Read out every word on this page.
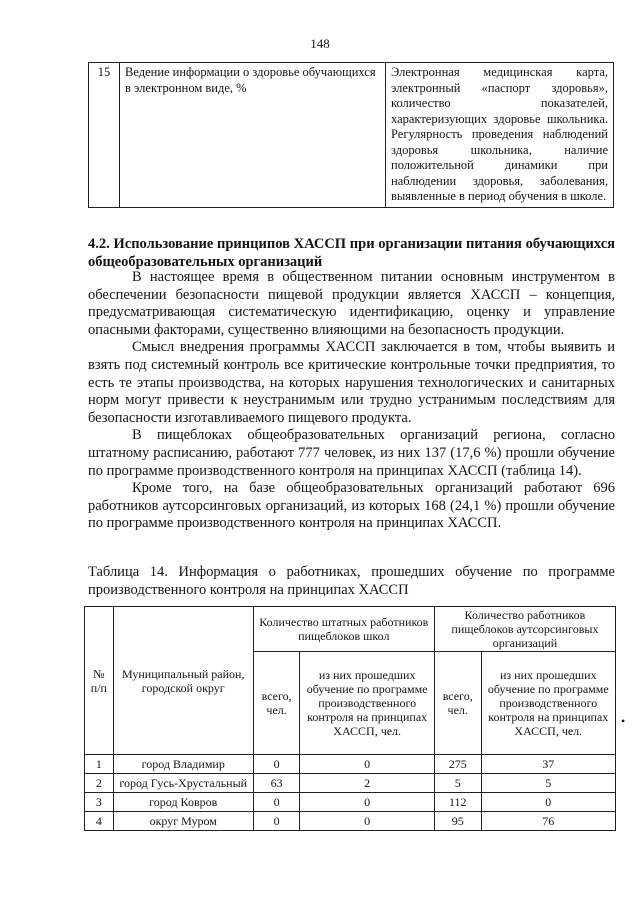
148
15	Ведение информации о здоровье обучающихся в электронном виде, %	Электронная медицинская карта, электронный «паспорт здоровья», количество показателей, характеризующих здоровье школьника. Регулярность проведения наблюдений здоровья школьника, наличие положительной динамики при наблюдении здоровья, заболевания, выявленные в период обучения в школе.
4.2. Использование принципов ХАССП при организации питания обучающихся общеобразовательных организаций

В настоящее время в общественном питании основным инструментом в обеспечении безопасности пищевой продукции является ХАССП – концепция, предусматривающая систематическую идентификацию, оценку и управление опасными факторами, существенно влияющими на безопасность продукции.

Смысл внедрения программы ХАССП заключается в том, чтобы выявить и взять под системный контроль все критические контрольные точки предприятия, то есть те этапы производства, на которых нарушения технологических и санитарных норм могут привести к неустранимым или трудно устранимым последствиям для безопасности изготавливаемого пищевого продукта.

В пищеблоках общеобразовательных организаций региона, согласно штатному расписанию, работают 777 человек, из них 137 (17,6 %) прошли обучение по программе производственного контроля на принципах ХАССП (таблица 14).

Кроме того, на базе общеобразовательных организаций работают 696 работников аутсорсинговых организаций, из которых 168 (24,1 %) прошли обучение по программе производственного контроля на принципах ХАССП.

Таблица 14. Информация о работниках, прошедших обучение по программе производственного контроля на принципах ХАССП
№ п/п	Муниципальный район, городской округ	Количество штатных работников пищеблоков школ		Количество работников пищеблоков аутсорсинговых организаций	
		всего, чел.	из них прошедших обучение по программе производственного контроля на принципах ХАССП, чел.	всего, чел.	из них прошедших обучение по программе производственного контроля на принципах ХАССП, чел.
1	город Владимир	0	0	275	37
2	город Гусь-Хрустальный	63	2	5	5
3	город Ковров	0	0	112	0
4	округ Муром	0	0	95	76
•
